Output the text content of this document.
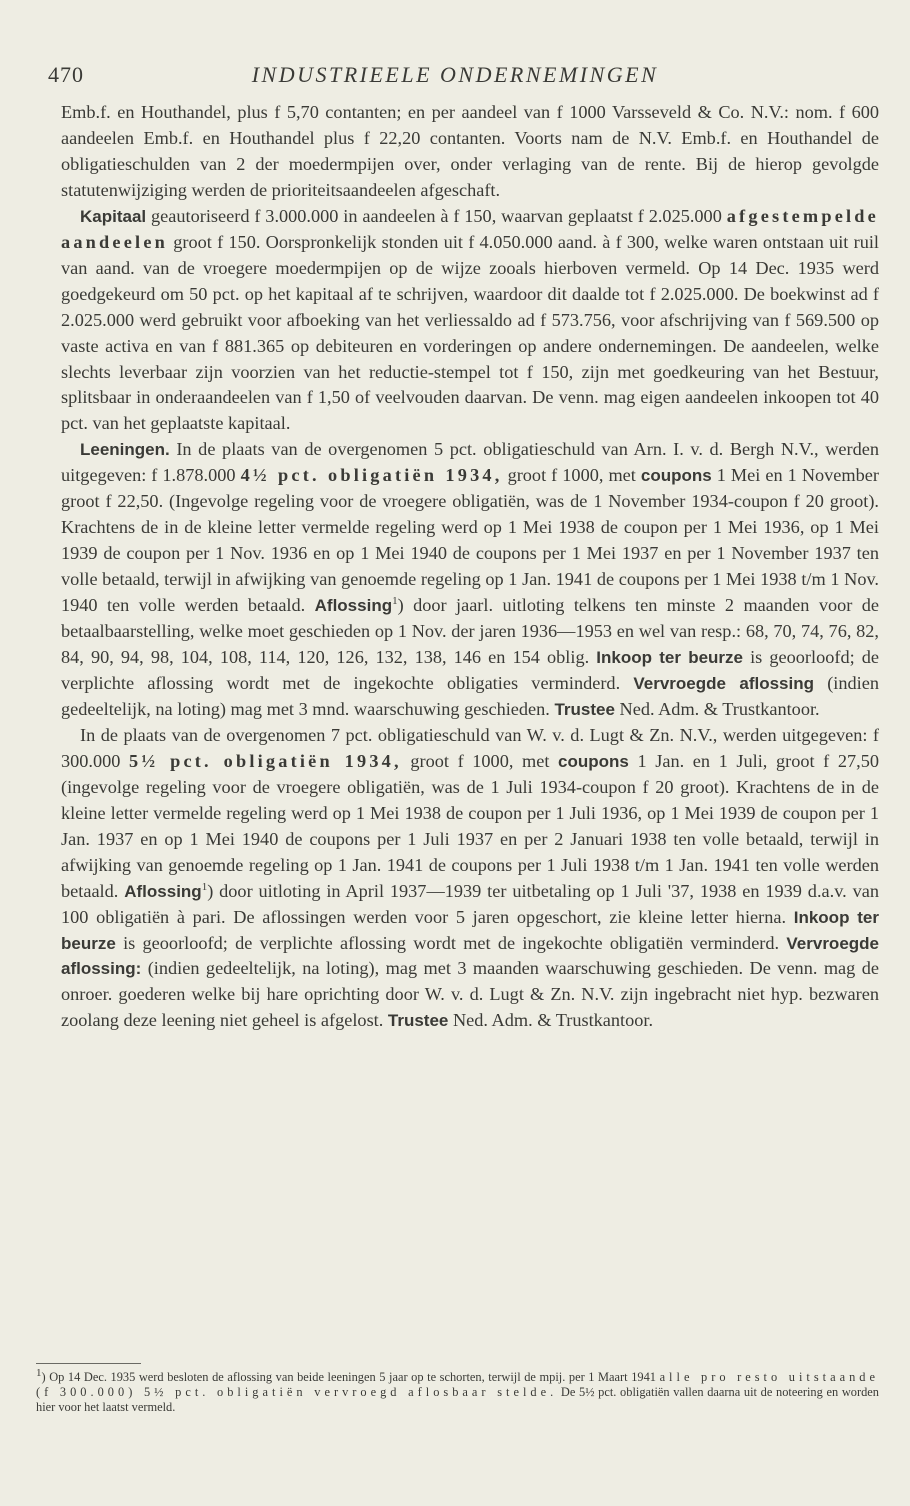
470	INDUSTRIEELE ONDERNEMINGEN

Emb.f. en Houthandel, plus f 5,70 contanten; en per aandeel van f 1000 Varsseveld & Co. N.V.: nom. f 600 aandeelen Emb.f. en Houthandel plus f 22,20 contanten. Voorts nam de N.V. Emb.f. en Houthandel de obligatieschulden van 2 der moedermpijen over, onder verlaging van de rente. Bij de hierop gevolgde statutenwijziging werden de prioriteitsaandeelen afgeschaft.

Kapitaal geautoriseerd f 3.000.000 in aandeelen à f 150, waarvan geplaatst f 2.025.000 afgestempelde aandeelen groot f 150. Oorspronkelijk stonden uit f 4.050.000 aand. à f 300, welke waren ontstaan uit ruil van aand. van de vroegere moedermpijen op de wijze zooals hierboven vermeld. Op 14 Dec. 1935 werd goedgekeurd om 50 pct. op het kapitaal af te schrijven, waardoor dit daalde tot f 2.025.000. De boekwinst ad f 2.025.000 werd gebruikt voor afboeking van het verliessaldo ad f 573.756, voor afschrijving van f 569.500 op vaste activa en van f 881.365 op debiteuren en vorderingen op andere ondernemingen. De aandeelen, welke slechts leverbaar zijn voorzien van het reductie-stempel tot f 150, zijn met goedkeuring van het Bestuur, splitsbaar in onderaandeelen van f 1,50 of veelvouden daarvan. De venn. mag eigen aandeelen inkoopen tot 40 pct. van het geplaatste kapitaal.

Leeningen. In de plaats van de overgenomen 5 pct. obligatieschuld van Arn. I. v. d. Bergh N.V., werden uitgegeven: f 1.878.000 4½ pct. obligatiën 1934, groot f 1000, met coupons 1 Mei en 1 November groot f 22,50. (Ingevolge regeling voor de vroegere obligatiën, was de 1 November 1934-coupon f 20 groot). Krachtens de in de kleine letter vermelde regeling werd op 1 Mei 1938 de coupon per 1 Mei 1936, op 1 Mei 1939 de coupon per 1 Nov. 1936 en op 1 Mei 1940 de coupons per 1 Mei 1937 en per 1 November 1937 ten volle betaald, terwijl in afwijking van genoemde regeling op 1 Jan. 1941 de coupons per 1 Mei 1938 t/m 1 Nov. 1940 ten volle werden betaald. Aflossing$^1$) door jaarl. uitloting telkens ten minste 2 maanden voor de betaalbaarstelling, welke moet geschieden op 1 Nov. der jaren 1936—1953 en wel van resp.: 68, 70, 74, 76, 82, 84, 90, 94, 98, 104, 108, 114, 120, 126, 132, 138, 146 en 154 oblig. Inkoop ter beurze is geoorloofd; de verplichte aflossing wordt met de ingekochte obligaties verminderd. Vervroegde aflossing (indien gedeeltelijk, na loting) mag met 3 mnd. waarschuwing geschieden. Trustee Ned. Adm. & Trustkantoor.

In de plaats van de overgenomen 7 pct. obligatieschuld van W. v. d. Lugt & Zn. N.V., werden uitgegeven: f 300.000 5½ pct. obligatiën 1934, groot f 1000, met coupons 1 Jan. en 1 Juli, groot f 27,50 (ingevolge regeling voor de vroegere obligatiën, was de 1 Juli 1934-coupon f 20 groot). Krachtens de in de kleine letter vermelde regeling werd op 1 Mei 1938 de coupon per 1 Juli 1936, op 1 Mei 1939 de coupon per 1 Jan. 1937 en op 1 Mei 1940 de coupons per 1 Juli 1937 en per 2 Januari 1938 ten volle betaald, terwijl in afwijking van genoemde regeling op 1 Jan. 1941 de coupons per 1 Juli 1938 t/m 1 Jan. 1941 ten volle werden betaald. Aflossing$^1$) door uitloting in April 1937—1939 ter uitbetaling op 1 Juli '37, 1938 en 1939 d.a.v. van 100 obligatiën à pari. De aflossingen werden voor 5 jaren opgeschort, zie kleine letter hierna. Inkoop ter beurze is geoorloofd; de verplichte aflossing wordt met de ingekochte obligatiën verminderd. Vervroegde aflossing: (indien gedeeltelijk, na loting), mag met 3 maanden waarschuwing geschieden. De venn. mag de onroer. goederen welke bij hare oprichting door W. v. d. Lugt & Zn. N.V. zijn ingebracht niet hyp. bezwaren zoolang deze leening niet geheel is afgelost. Trustee Ned. Adm. & Trustkantoor.

1) Op 14 Dec. 1935 werd besloten de aflossing van beide leeningen 5 jaar op te schorten, terwijl de mpij. per 1 Maart 1941 alle pro resto uitstaande (f 300.000) 5½ pct. obligatiën vervroegd aflosbaar stelde. De 5½ pct. obligatiën vallen daarna uit de noteering en worden hier voor het laatst vermeld.
